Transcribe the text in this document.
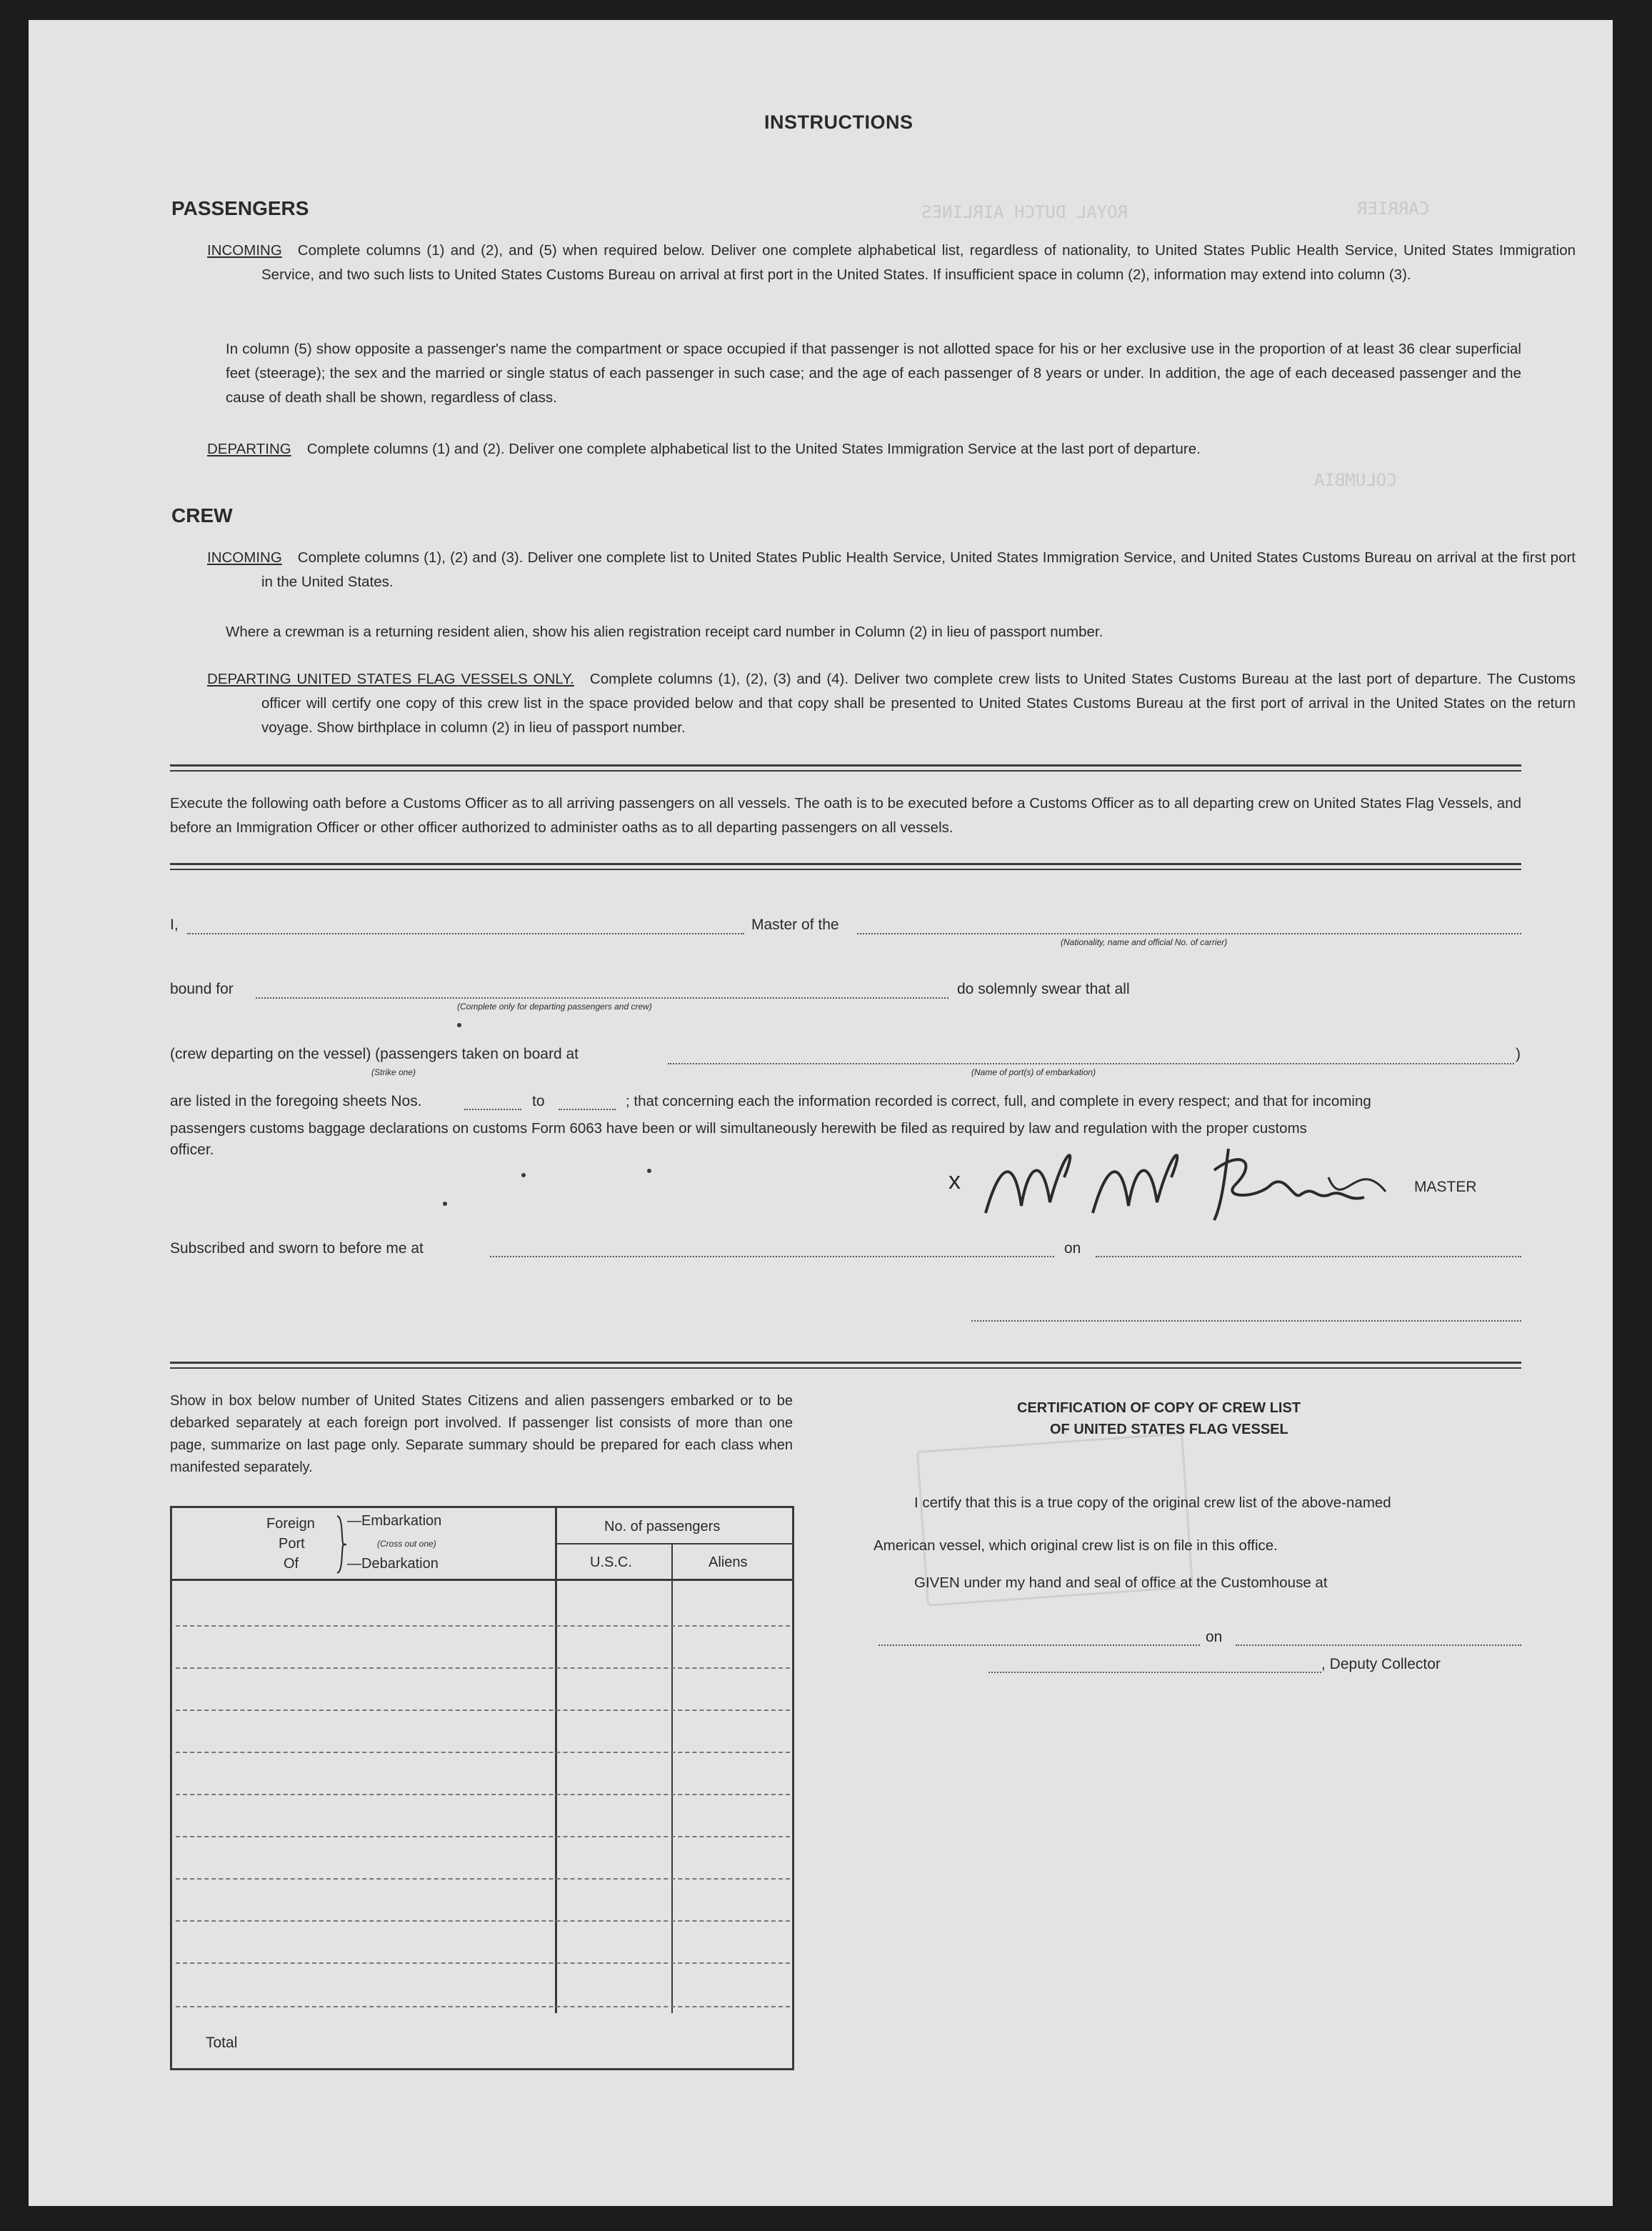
CARRIER
ROYAL DUTCH AIRLINES
COLUMBIA
INSTRUCTIONS
PASSENGERS
INCOMING Complete columns (1) and (2), and (5) when required below. Deliver one complete alphabetical list, regardless of nationality, to United States Public Health Service, United States Immigration Service, and two such lists to United States Customs Bureau on arrival at first port in the United States. If insufficient space in column (2), information may extend into column (3).
In column (5) show opposite a passenger's name the compartment or space occupied if that passenger is not allotted space for his or her exclusive use in the proportion of at least 36 clear superficial feet (steerage); the sex and the married or single status of each passenger in such case; and the age of each passenger of 8 years or under. In addition, the age of each deceased passenger and the cause of death shall be shown, regardless of class.
DEPARTING Complete columns (1) and (2). Deliver one complete alphabetical list to the United States Immigration Service at the last port of departure.
CREW
INCOMING Complete columns (1), (2) and (3). Deliver one complete list to United States Public Health Service, United States Immigration Service, and United States Customs Bureau on arrival at the first port in the United States.
Where a crewman is a returning resident alien, show his alien registration receipt card number in Column (2) in lieu of passport number.
DEPARTING UNITED STATES FLAG VESSELS ONLY. Complete columns (1), (2), (3) and (4). Deliver two complete crew lists to United States Customs Bureau at the last port of departure. The Customs officer will certify one copy of this crew list in the space provided below and that copy shall be presented to United States Customs Bureau at the first port of arrival in the United States on the return voyage. Show birthplace in column (2) in lieu of passport number.
Execute the following oath before a Customs Officer as to all arriving passengers on all vessels. The oath is to be executed before a Customs Officer as to all departing crew on United States Flag Vessels, and before an Immigration Officer or other officer authorized to administer oaths as to all departing passengers on all vessels.
I,	Master of the
(Nationality, name and official No. of carrier)
bound for
(Complete only for departing passengers and crew)
do solemnly swear that all
(crew departing on the vessel) (passengers taken on board at
(Strike one)	(Name of port(s) of embarkation)
)
are listed in the foregoing sheets Nos.	to	; that concerning each the information recorded is correct, full, and complete in every respect; and that for incoming
passengers customs baggage declarations on customs Form 6063 have been or will simultaneously herewith be filed as required by law and regulation with the proper customs
officer.
x	MASTER
Subscribed and sworn to before me at	on
Show in box below number of United States Citizens and alien passengers embarked or to be debarked separately at each foreign port involved. If passenger list consists of more than one page, summarize on last page only. Separate summary should be prepared for each class when manifested separately.
Foreign
Port
Of
—Embarkation
(Cross out one)
—Debarkation
No. of passengers
U.S.C.	Aliens
Total
CERTIFICATION OF COPY OF CREW LIST
OF UNITED STATES FLAG VESSEL
I certify that this is a true copy of the original crew list of the above-named
American vessel, which original crew list is on file in this office.
GIVEN under my hand and seal of office at the Customhouse at
on
, Deputy Collector
